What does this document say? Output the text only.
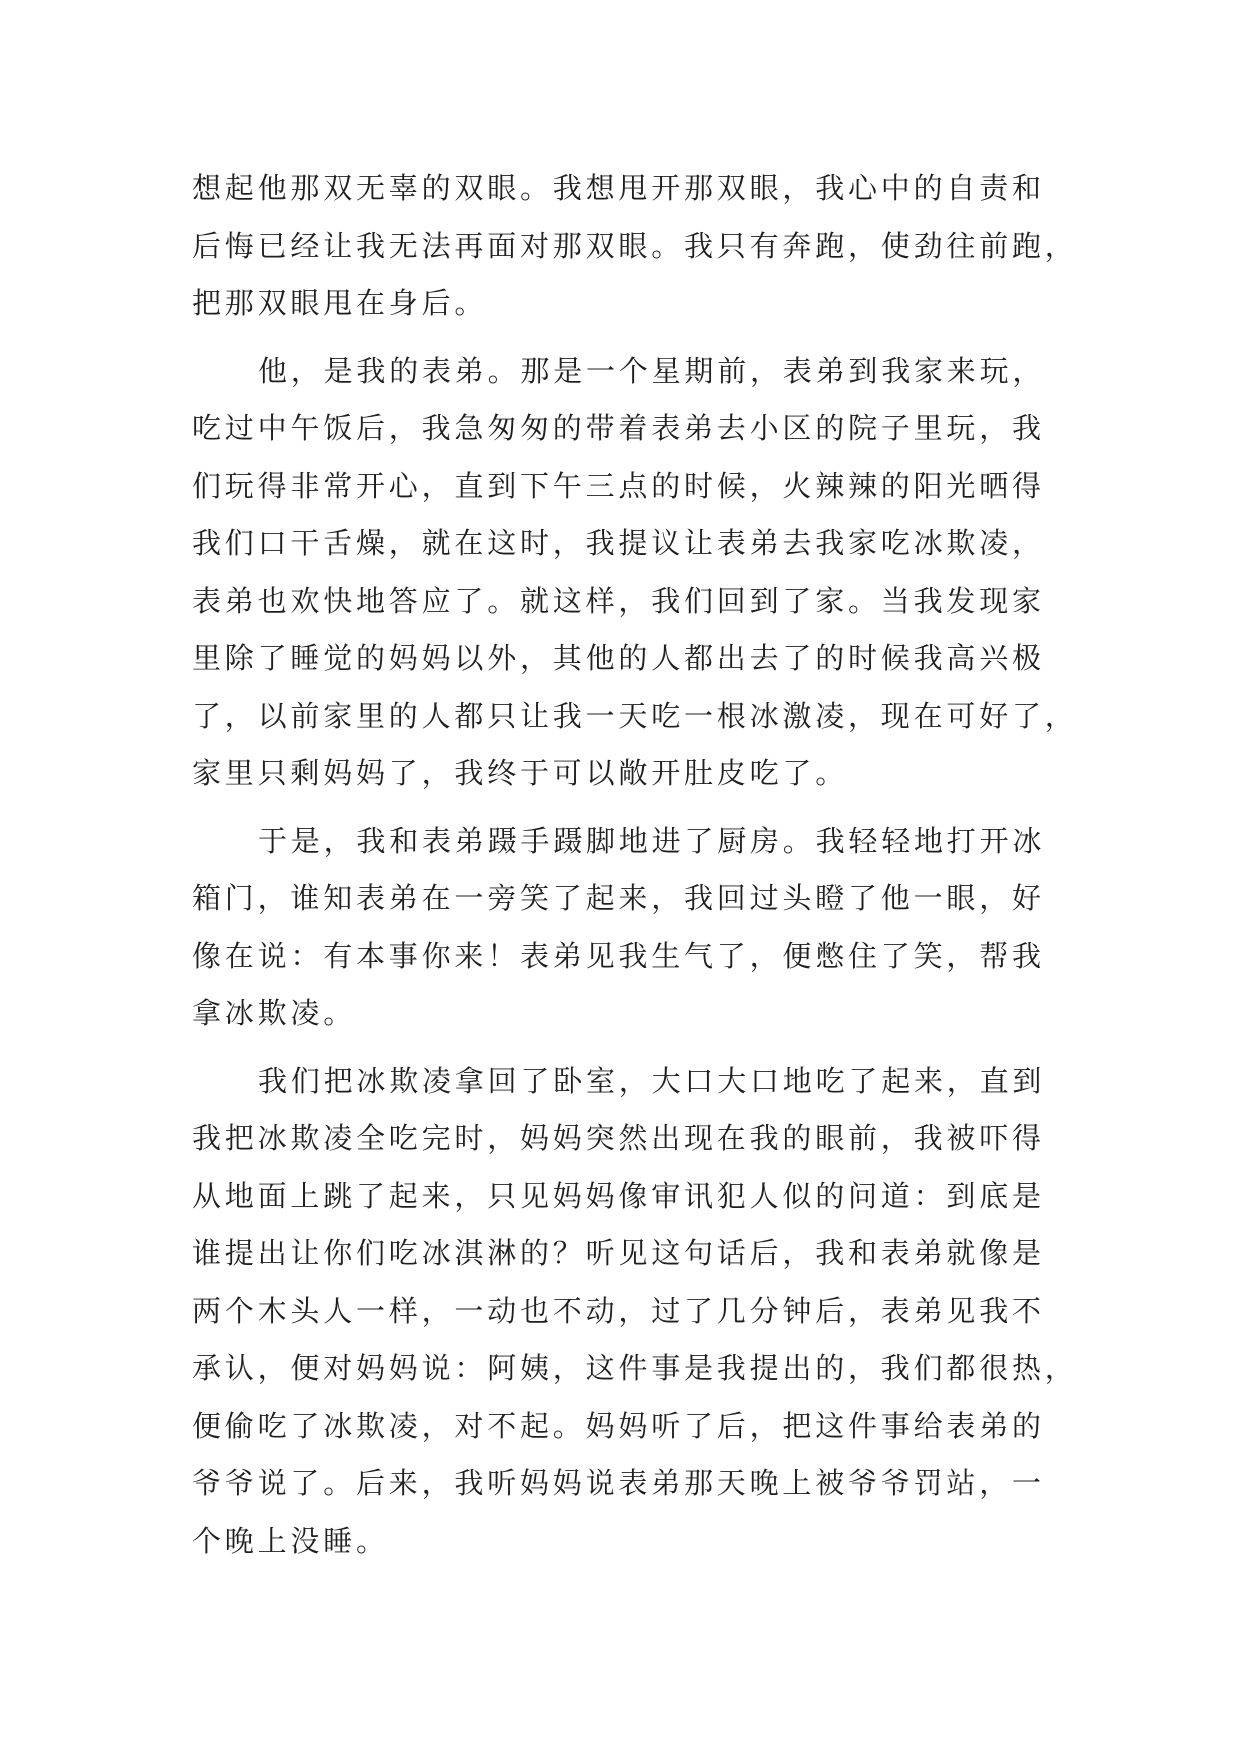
想起他那双无辜的双眼。我想甩开那双眼，我心中的自责和
后悔已经让我无法再面对那双眼。我只有奔跑，使劲往前跑，
把那双眼甩在身后。

他，是我的表弟。那是一个星期前，表弟到我家来玩，
吃过中午饭后，我急匆匆的带着表弟去小区的院子里玩，我
们玩得非常开心，直到下午三点的时候，火辣辣的阳光晒得
我们口干舌燥，就在这时，我提议让表弟去我家吃冰欺凌，
表弟也欢快地答应了。就这样，我们回到了家。当我发现家
里除了睡觉的妈妈以外，其他的人都出去了的时候我高兴极
了，以前家里的人都只让我一天吃一根冰激凌，现在可好了，
家里只剩妈妈了，我终于可以敞开肚皮吃了。

于是，我和表弟蹑手蹑脚地进了厨房。我轻轻地打开冰
箱门，谁知表弟在一旁笑了起来，我回过头瞪了他一眼，好
像在说：有本事你来！表弟见我生气了，便憋住了笑，帮我
拿冰欺凌。

我们把冰欺凌拿回了卧室，大口大口地吃了起来，直到
我把冰欺凌全吃完时，妈妈突然出现在我的眼前，我被吓得
从地面上跳了起来，只见妈妈像审讯犯人似的问道：到底是
谁提出让你们吃冰淇淋的？听见这句话后，我和表弟就像是
两个木头人一样，一动也不动，过了几分钟后，表弟见我不
承认，便对妈妈说：阿姨，这件事是我提出的，我们都很热，
便偷吃了冰欺凌，对不起。妈妈听了后，把这件事给表弟的
爷爷说了。后来，我听妈妈说表弟那天晚上被爷爷罚站，一
个晚上没睡。
